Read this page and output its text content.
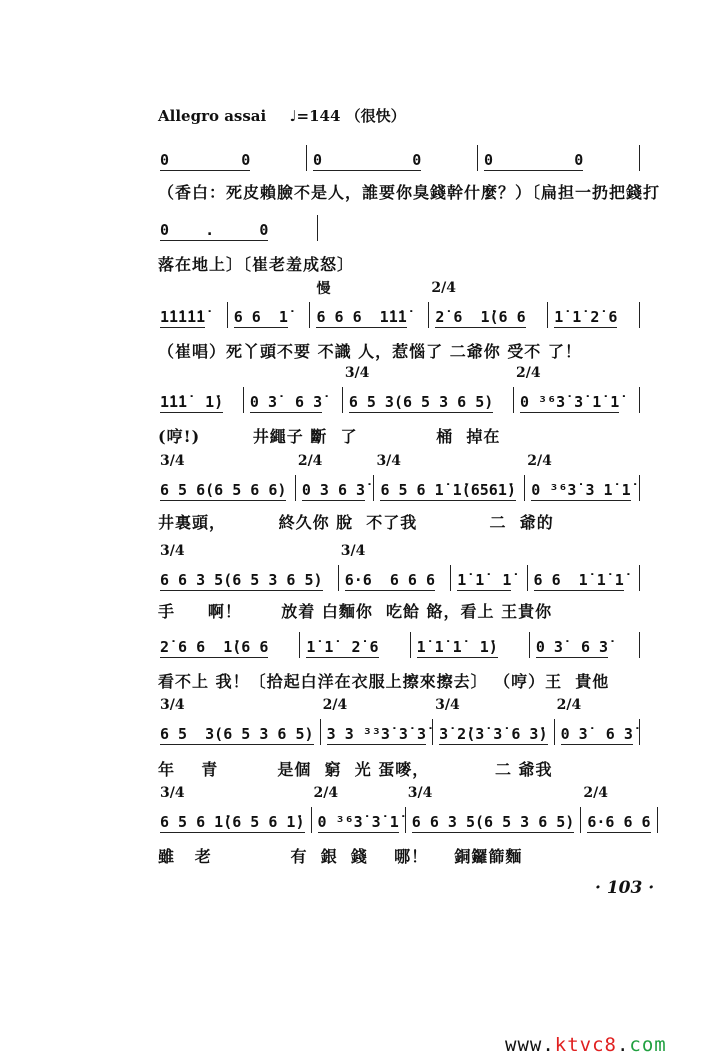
Allegro assai ♩=144 （很快）
0        0	0          0	0         0
（香白：死皮賴臉不是人，誰要你臭錢幹什麼？）〔扁担一扔把錢打
0    .     0
落在地上〕〔崔老羞成怒〕
1̇1̇1̇1̇1̇ 6 6  1̇ 6 6 6  1̇1̇1̇
慢
2̇ 6  1̇(6 6
2/4
1̇ 1̇ 2̇ 6
（崔唱）死丫頭不要 不識 人，惹惱了 二爺你 受不 了！
1̇1̇1̇  1̇) 0 3̇  6 3̇ 6 5 3(6 5 3 6 5)
3/4
0 ³⁶3̇ 3̇ 1̇ 1̇
2/4
(哼!)        井繩子 斷  了            桶  掉在
6 5 6(6 5 6 6)
3/4
0 3 6 3̇
2/4
6 5 6 1̇ 1̇(6561̇)
3/4
0 ³⁶3̇ 3 1̇ 1̇
2/4
井裏頭，        終久你 脫  不了我           二  爺的
6 6 3 5(6 5 3 6 5)
3/4
6·6  6 6 6
3/4
1̇ 1̇  1̇ 6 6  1̇ 1̇ 1̇
手     啊！      放着 白麵你  吃餄 餎，看上 王貴你
2̇ 6 6  1̇(6 6	1̇ 1̇  2̇ 6	1̇ 1̇ 1̇  1̇)	0 3̇  6 3̇
看不上 我！〔拾起白洋在衣服上擦來擦去〕 （哼）王  貴他
6 5  3(6 5 3 6 5)
3/4
3 3 ³³3̇ 3̇ 3̇
2/4
3̇ 2̇(3̇ 3̇ 6 3̇)
3/4
0 3̇  6 3̇
2/4
年    青         是個  窮  光 蛋嘜，          二 爺我
6 5 6 1̇(6 5 6 1̇)
3/4
0 ³⁶3̇ 3̇ 1̇
2/4
6 6 3 5(6 5 3 6 5)
3/4
6·6 6 6
2/4
雖   老            有  銀  錢    哪！    銅鑼篩麵
· 103 ·
www.ktvc8.com
